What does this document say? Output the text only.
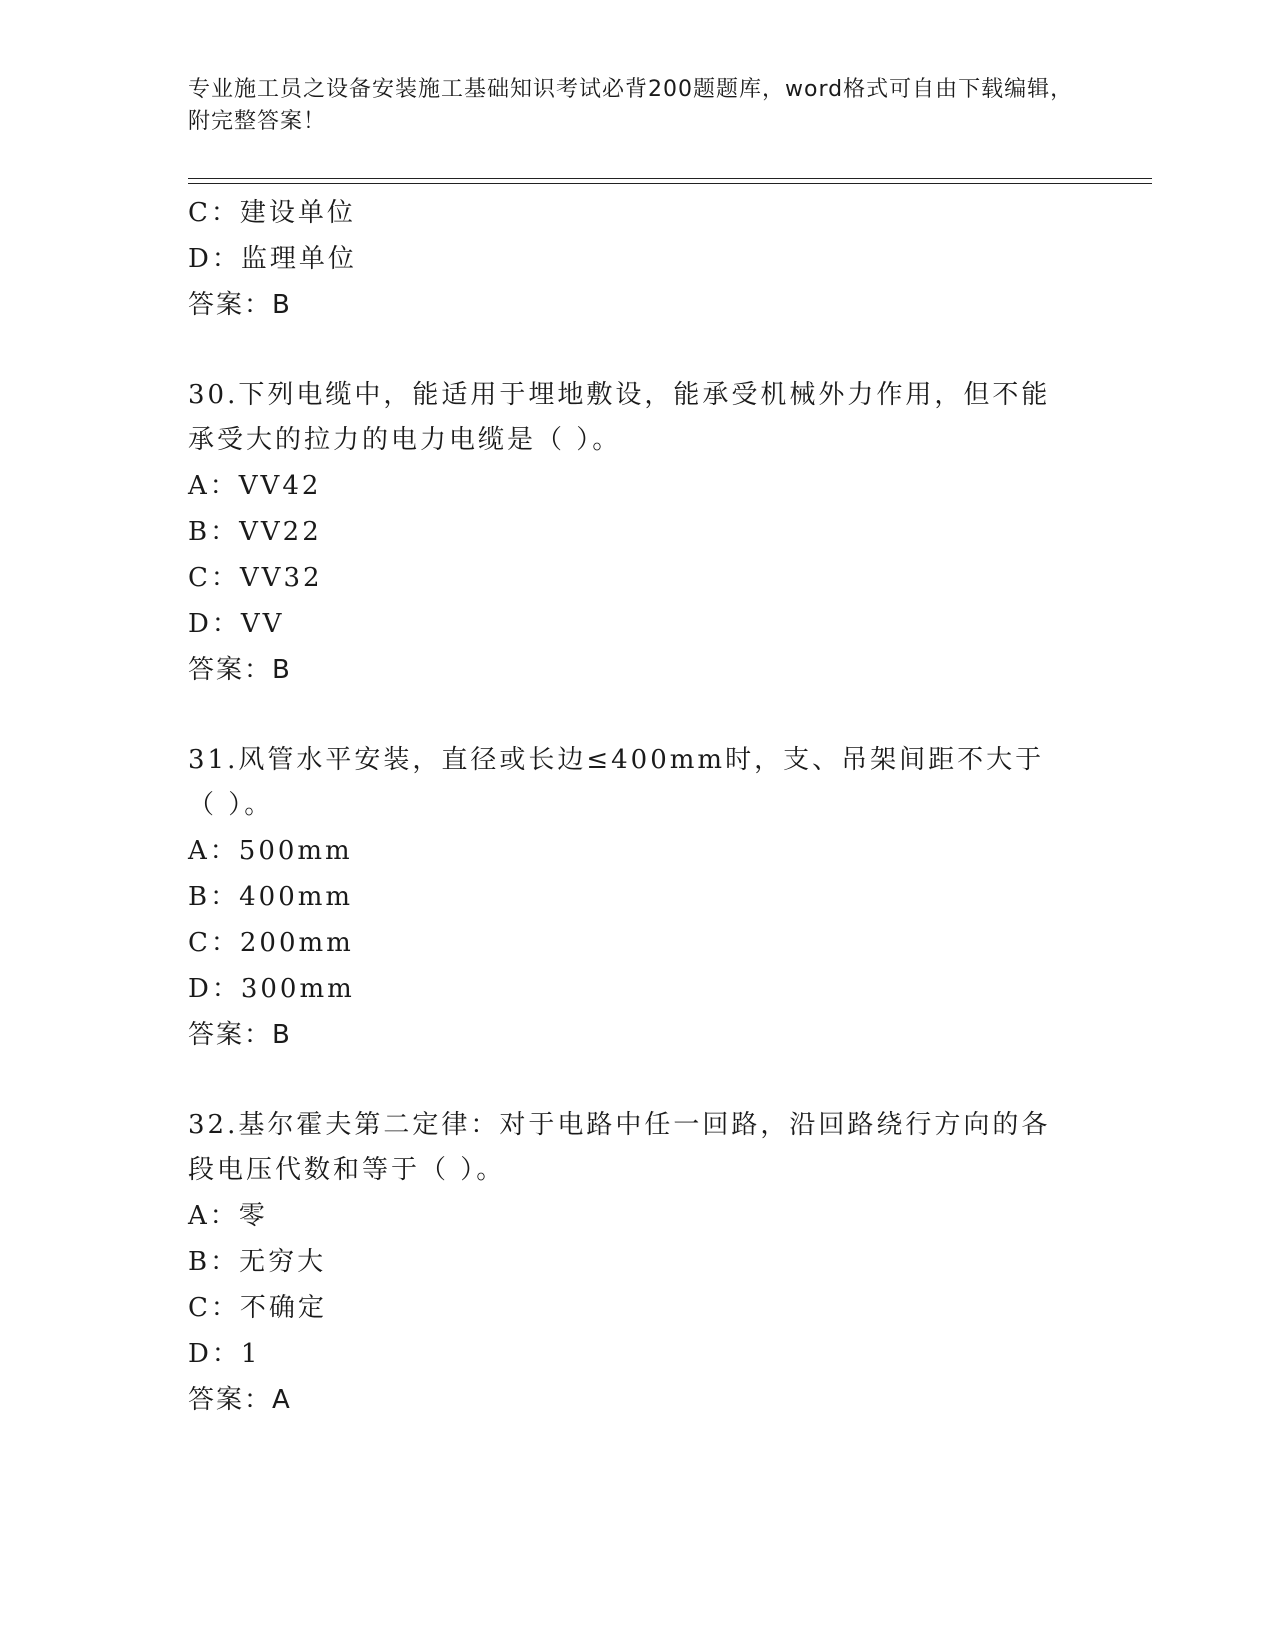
专业施工员之设备安装施工基础知识考试必背200题题库，word格式可自由下载编辑，附完整答案！
C：建设单位
D：监理单位
答案：B
30.下列电缆中，能适用于埋地敷设，能承受机械外力作用，但不能承受大的拉力的电力电缆是（ ）。
A：VV42
B：VV22
C：VV32
D：VV
答案：B
31.风管水平安装，直径或长边≤400mm时，支、吊架间距不大于（ ）。
A：500mm
B：400mm
C：200mm
D：300mm
答案：B
32.基尔霍夫第二定律：对于电路中任一回路，沿回路绕行方向的各段电压代数和等于（ ）。
A：零
B：无穷大
C：不确定
D：1
答案：A
